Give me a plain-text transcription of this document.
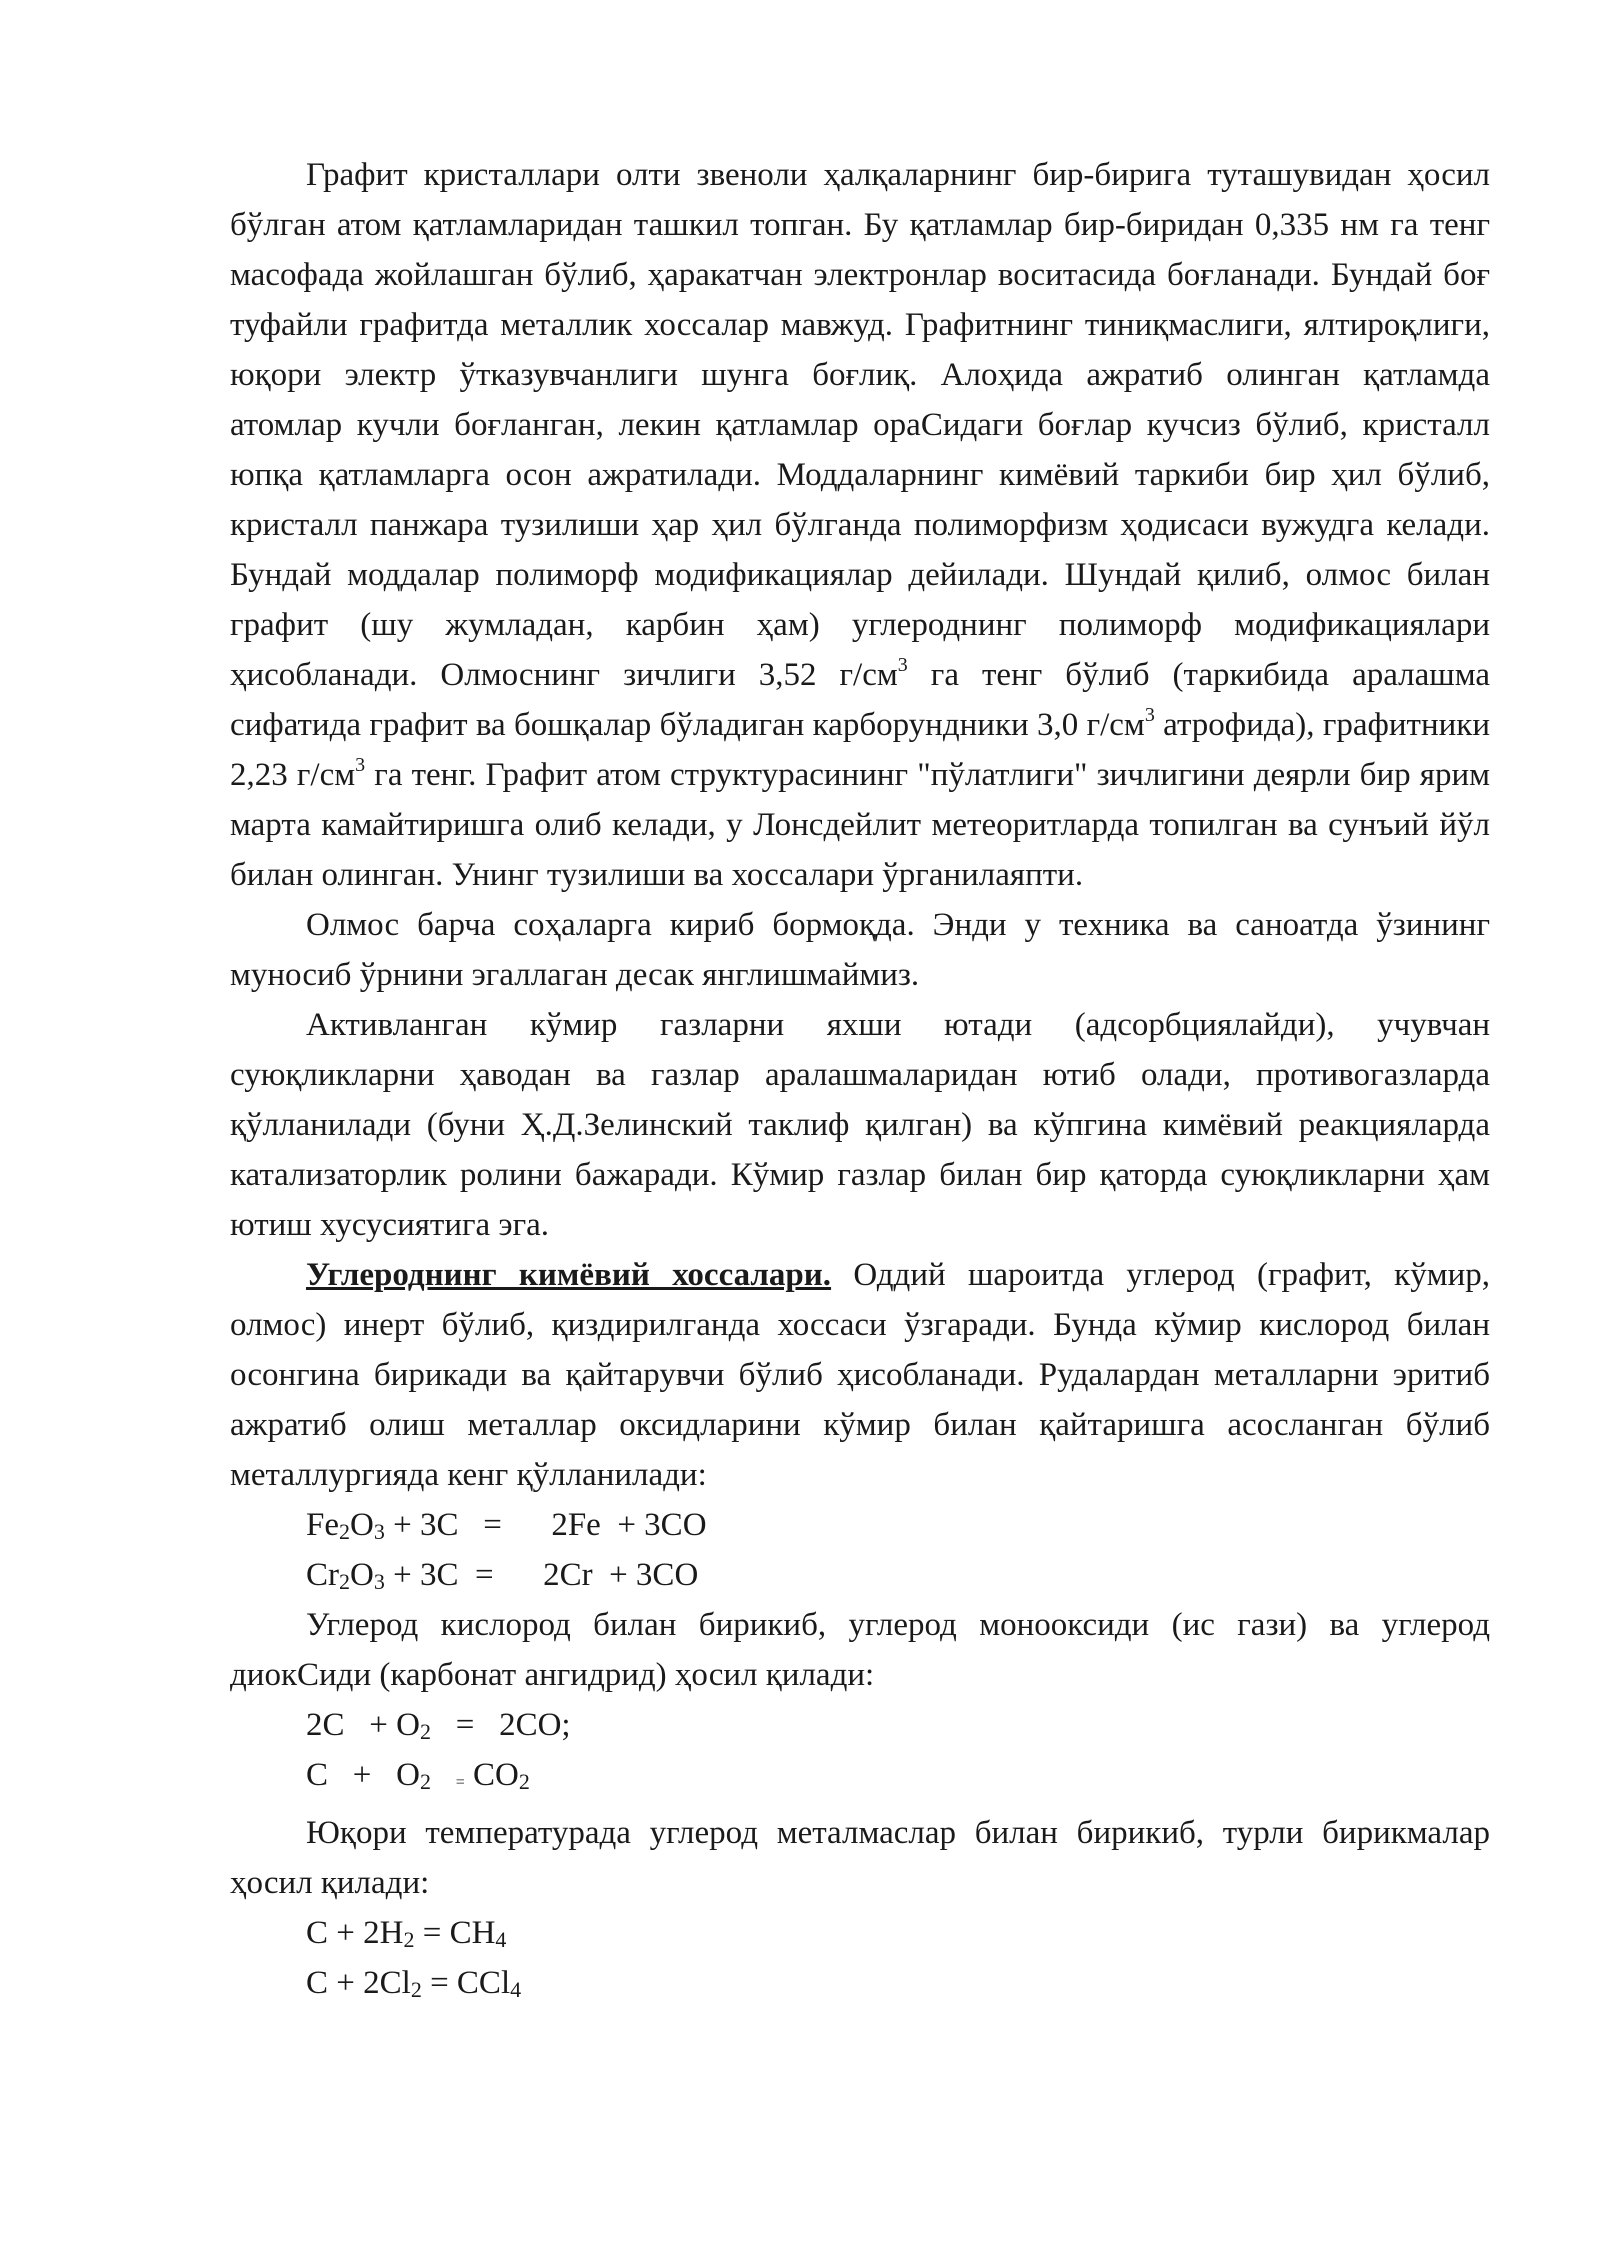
Графит кристаллари олти звеноли ҳалқаларнинг бир-бирига туташувидан ҳосил бўлган атом қатламларидан ташкил топган. Бу қатламлар бир-биридан 0,335 нм га тенг масофада жойлашган бўлиб, ҳаракатчан электронлар воситасида боғланади. Бундай боғ туфайли графитда металлик хоссалар мавжуд. Графитнинг тиниқмаслиги, ялтироқлиги, юқори электр ўтказувчанлиги шунга боғлиқ. Алоҳида ажратиб олинган қатламда атомлар кучли боғланган, лекин қатламлар ораСидаги боғлар кучсиз бўлиб, кристалл юпқа қатламларга осон ажратилади. Моддаларнинг кимёвий таркиби бир ҳил бўлиб, кристалл панжара тузилиши ҳар ҳил бўлганда полиморфизм ҳодисаси вужудга келади. Бундай моддалар полиморф модификациялар дейилади. Шундай қилиб, олмос билан графит (шу жумладан, карбин ҳам) углероднинг полиморф модификациялари ҳисобланади. Олмоснинг зичлиги 3,52 $г/см^3$ га тенг бўлиб (таркибида аралашма сифатида графит ва бошқалар бўладиган карборундники 3,0 $г/см^3$ атрофида), графитники 2,23 $г/см^3$ га тенг. Графит атом структурасининг "пўлатлиги" зичлигини деярли бир ярим марта камайтиришга олиб келади, у Лонсдейлит метеоритларда топилган ва сунъий йўл билан олинган. Унинг тузилиши ва хоссалари ўрганилаяпти.

Олмос барча соҳаларга кириб бормоқда. Энди у техника ва саноатда ўзининг муносиб ўрнини эгаллаган десак янглишмаймиз.

Активланган кўмир газларни яхши ютади (адсорбциялайди), учувчан суюқликларни ҳаводан ва газлар аралашмаларидан ютиб олади, противогазларда қўлланилади (буни Ҳ.Д.Зелинский таклиф қилган) ва кўпгина кимёвий реакцияларда катализаторлик ролини бажаради. Кўмир газлар билан бир қаторда суюқликларни ҳам ютиш хусусиятига эга.

Углероднинг кимёвий хоссалари. Оддий шароитда углерод (графит, кўмир, олмос) инерт бўлиб, қиздирилганда хоссаси ўзгаради. Бунда кўмир кислород билан осонгина бирикади ва қайтарувчи бўлиб ҳисобланади. Рудалардан металларни эритиб ажратиб олиш металлар оксидларини кўмир билан қайтаришга асосланган бўлиб металлургияда кенг қўлланилади:

$Fe_2O_3 + 3C$   =      2Fe  + 3CO

$Cr_2O_3 + 3C$  =      2Cr  + 3CO

Углерод кислород билан бирикиб, углерод монооксиди (ис гази) ва углерод диокСиди (карбонат ангидрид) ҳосил қилади:

$2C + O_2 = 2CO$;

$C + O_2 = CO_2$

Юқори температурада углерод металмаслар билан бирикиб, турли бирикмалар ҳосил қилади:

$C + 2H_2 = CH_4$

$C + 2Cl_2 = CCl_4$
